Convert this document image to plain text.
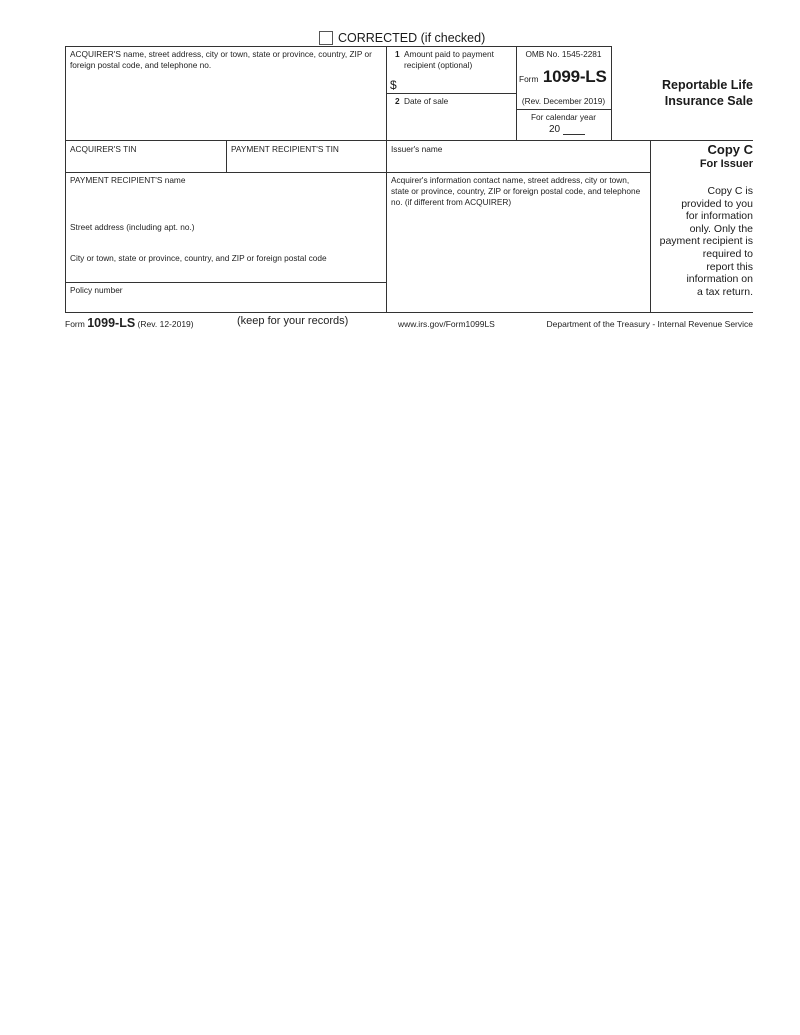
CORRECTED (if checked)
ACQUIRER'S name, street address, city or town, state or province, country, ZIP or foreign postal code, and telephone no.
1 Amount paid to payment recipient (optional)
$
2 Date of sale
OMB No. 1545-2281
Form 1099-LS
(Rev. December 2019)
For calendar year
20
Reportable Life
Insurance Sale
ACQUIRER'S TIN	PAYMENT RECIPIENT'S TIN	Issuer's name
PAYMENT RECIPIENT'S name	Acquirer's information contact name, street address, city or town, state or province, country, ZIP or foreign postal code, and telephone no. (if different from ACQUIRER)
Street address (including apt. no.)
City or town, state or province, country, and ZIP or foreign postal code
Policy number
Copy C
For Issuer
Copy C is
provided to you
for information
only. Only the
payment recipient is
required to
report this
information on
a tax return.
Form 1099-LS (Rev. 12-2019)	(keep for your records)	www.irs.gov/Form1099LS	Department of the Treasury - Internal Revenue Service
